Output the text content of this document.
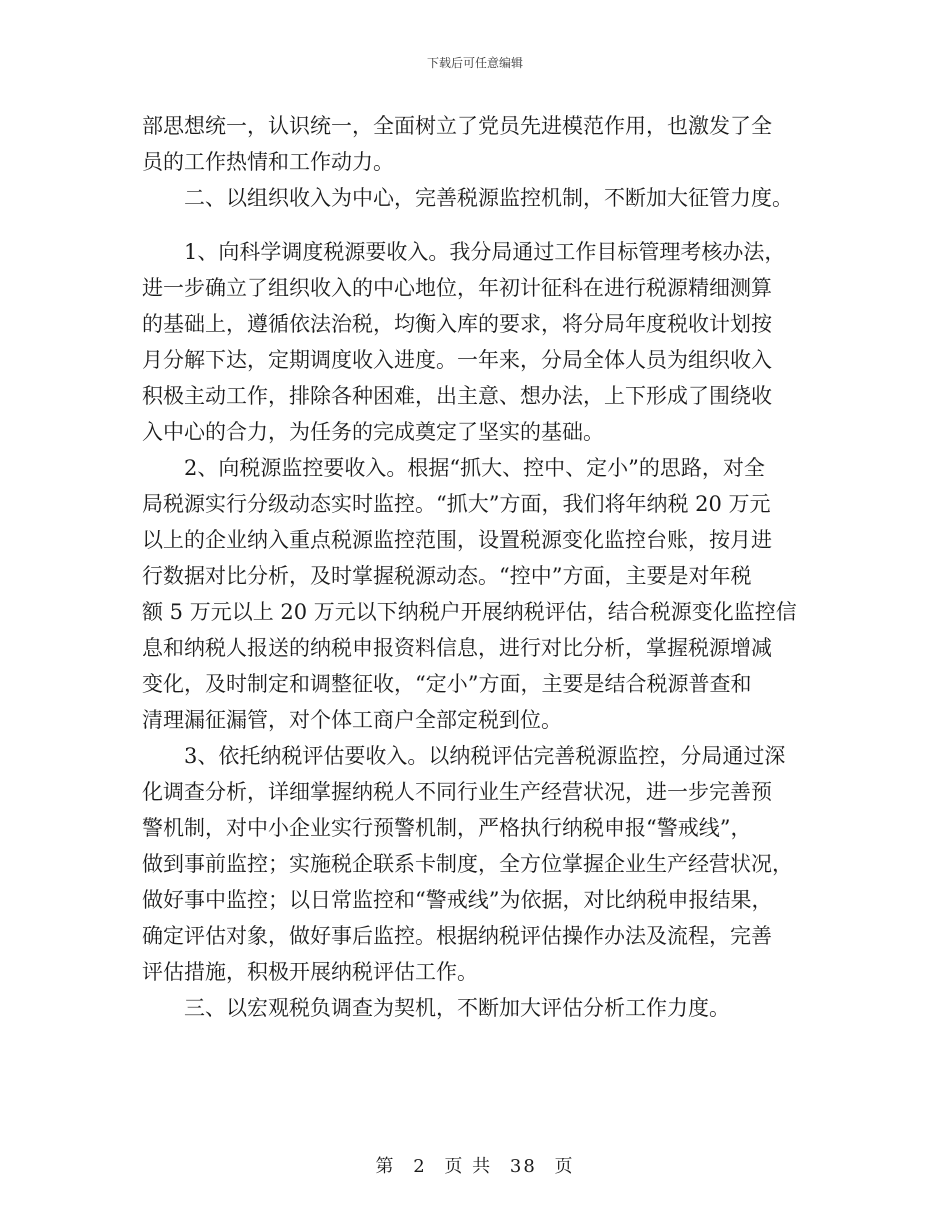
下载后可任意编辑
部思想统一，认识统一，全面树立了党员先进模范作用，也激发了全
员的工作热情和工作动力。
　　二、以组织收入为中心，完善税源监控机制，不断加大征管力度。
　　1、向科学调度税源要收入。我分局通过工作目标管理考核办法，
进一步确立了组织收入的中心地位，年初计征科在进行税源精细测算
的基础上，遵循依法治税，均衡入库的要求，将分局年度税收计划按
月分解下达，定期调度收入进度。一年来，分局全体人员为组织收入
积极主动工作，排除各种困难，出主意、想办法，上下形成了围绕收
入中心的合力，为任务的完成奠定了坚实的基础。
　　2、向税源监控要收入。根据“抓大、控中、定小”的思路，对全
局税源实行分级动态实时监控。“抓大”方面，我们将年纳税 20 万元
以上的企业纳入重点税源监控范围，设置税源变化监控台账，按月进
行数据对比分析，及时掌握税源动态。“控中”方面，主要是对年税
额 5 万元以上 20 万元以下纳税户开展纳税评估，结合税源变化监控信
息和纳税人报送的纳税申报资料信息，进行对比分析，掌握税源增减
变化，及时制定和调整征收，“定小”方面，主要是结合税源普查和
清理漏征漏管，对个体工商户全部定税到位。
　　3、依托纳税评估要收入。以纳税评估完善税源监控，分局通过深
化调查分析，详细掌握纳税人不同行业生产经营状况，进一步完善预
警机制，对中小企业实行预警机制，严格执行纳税申报“警戒线”，
做到事前监控；实施税企联系卡制度，全方位掌握企业生产经营状况，
做好事中监控；以日常监控和“警戒线”为依据，对比纳税申报结果，
确定评估对象，做好事后监控。根据纳税评估操作办法及流程，完善
评估措施，积极开展纳税评估工作。
　　三、以宏观税负调查为契机，不断加大评估分析工作力度。
第 2 页 共 38 页
